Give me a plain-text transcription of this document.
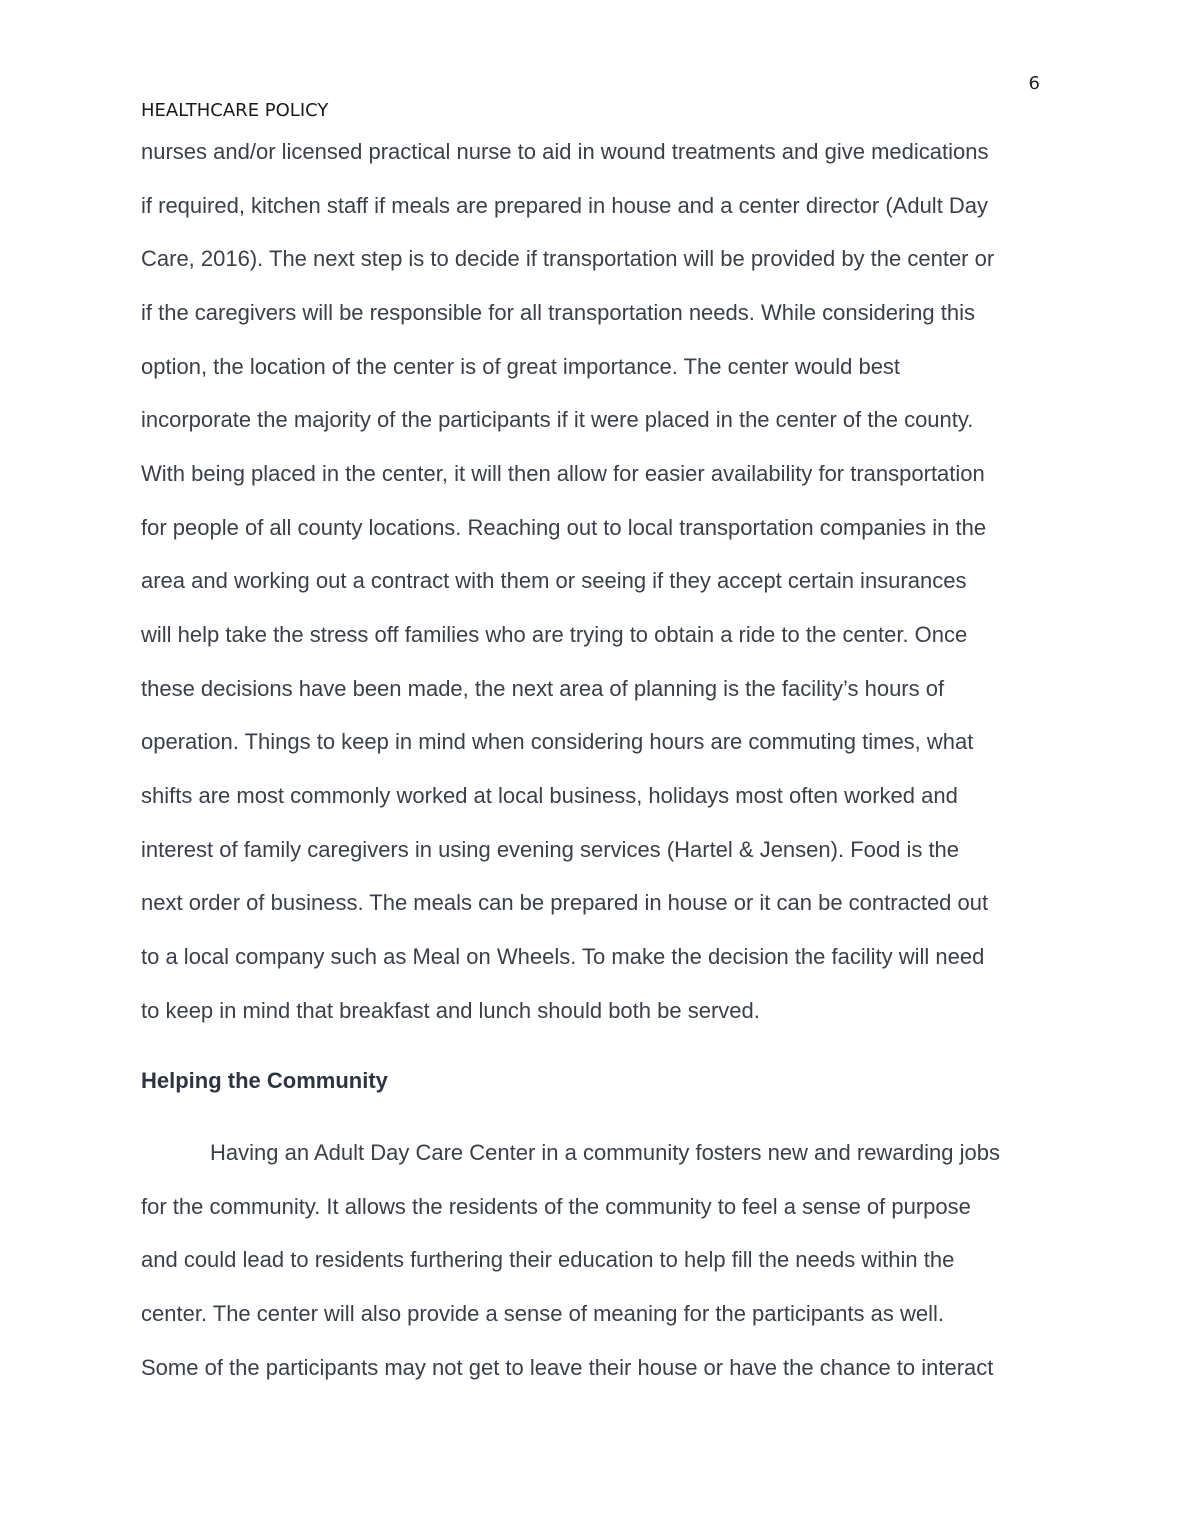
6
HEALTHCARE POLICY
nurses and/or licensed practical nurse to aid in wound treatments and give medications
if required, kitchen staff if meals are prepared in house and a center director (Adult Day
Care, 2016). The next step is to decide if transportation will be provided by the center or
if the caregivers will be responsible for all transportation needs. While considering this
option, the location of the center is of great importance. The center would best
incorporate the majority of the participants if it were placed in the center of the county.
With being placed in the center, it will then allow for easier availability for transportation
for people of all county locations. Reaching out to local transportation companies in the
area and working out a contract with them or seeing if they accept certain insurances
will help take the stress off families who are trying to obtain a ride to the center. Once
these decisions have been made, the next area of planning is the facility’s hours of
operation. Things to keep in mind when considering hours are commuting times, what
shifts are most commonly worked at local business, holidays most often worked and
interest of family caregivers in using evening services (Hartel & Jensen). Food is the
next order of business. The meals can be prepared in house or it can be contracted out
to a local company such as Meal on Wheels. To make the decision the facility will need
to keep in mind that breakfast and lunch should both be served.
Helping the Community
Having an Adult Day Care Center in a community fosters new and rewarding jobs
for the community. It allows the residents of the community to feel a sense of purpose
and could lead to residents furthering their education to help fill the needs within the
center. The center will also provide a sense of meaning for the participants as well.
Some of the participants may not get to leave their house or have the chance to interact
